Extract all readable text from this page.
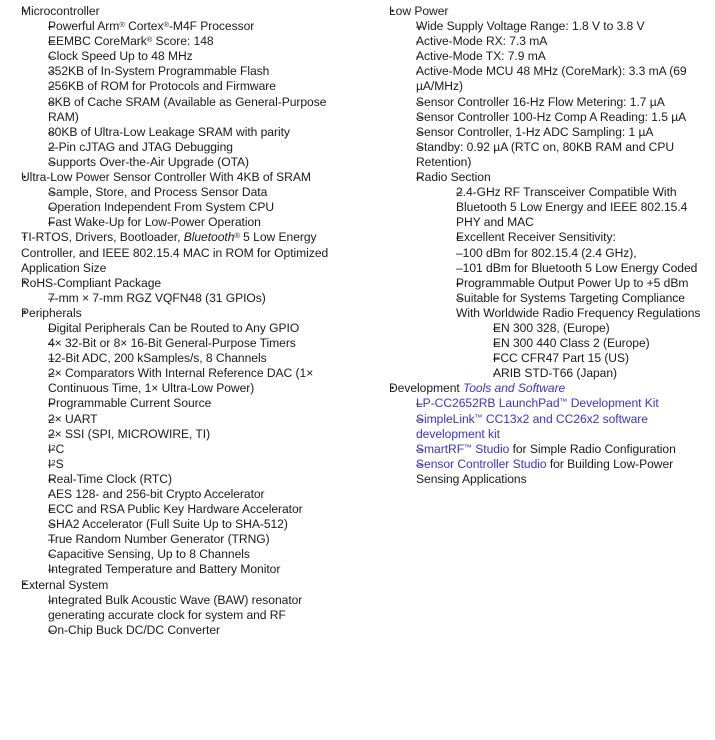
• Microcontroller
– Powerful Arm® Cortex®-M4F Processor
– EEMBC CoreMark® Score: 148
– Clock Speed Up to 48 MHz
– 352KB of In-System Programmable Flash
– 256KB of ROM for Protocols and Firmware
– 8KB of Cache SRAM (Available as General-Purpose RAM)
– 80KB of Ultra-Low Leakage SRAM with parity
– 2-Pin cJTAG and JTAG Debugging
– Supports Over-the-Air Upgrade (OTA)
• Ultra-Low Power Sensor Controller With 4KB of SRAM
– Sample, Store, and Process Sensor Data
– Operation Independent From System CPU
– Fast Wake-Up for Low-Power Operation
• TI-RTOS, Drivers, Bootloader, Bluetooth® 5 Low Energy Controller, and IEEE 802.15.4 MAC in ROM for Optimized Application Size
• RoHS-Compliant Package
– 7-mm × 7-mm RGZ VQFN48 (31 GPIOs)
• Peripherals
– Digital Peripherals Can be Routed to Any GPIO
– 4× 32-Bit or 8× 16-Bit General-Purpose Timers
– 12-Bit ADC, 200 kSamples/s, 8 Channels
– 2× Comparators With Internal Reference DAC (1× Continuous Time, 1× Ultra-Low Power)
– Programmable Current Source
– 2× UART
– 2× SSI (SPI, MICROWIRE, TI)
– $I^2C$
– $I^2S$
– Real-Time Clock (RTC)
– AES 128- and 256-bit Crypto Accelerator
– ECC and RSA Public Key Hardware Accelerator
– SHA2 Accelerator (Full Suite Up to SHA-512)
– True Random Number Generator (TRNG)
– Capacitive Sensing, Up to 8 Channels
– Integrated Temperature and Battery Monitor
• External System
– Integrated Bulk Acoustic Wave (BAW) resonator generating accurate clock for system and RF
– On-Chip Buck DC/DC Converter
• Low Power
– Wide Supply Voltage Range: 1.8 V to 3.8 V
– Active-Mode RX: 7.3 mA
– Active-Mode TX: 7.9 mA
– Active-Mode MCU 48 MHz (CoreMark): 3.3 mA (69 µA/MHz)
– Sensor Controller 16-Hz Flow Metering: 1.7 µA
– Sensor Controller 100-Hz Comp A Reading: 1.5 µA
– Sensor Controller, 1-Hz ADC Sampling: 1 µA
– Standby: 0.92 µA (RTC on, 80KB RAM and CPU Retention)
– Radio Section
– 2.4-GHz RF Transceiver Compatible With Bluetooth 5 Low Energy and IEEE 802.15.4 PHY and MAC
– Excellent Receiver Sensitivity:
–100 dBm for 802.15.4 (2.4 GHz),
–101 dBm for Bluetooth 5 Low Energy Coded
– Programmable Output Power Up to +5 dBm
– Suitable for Systems Targeting Compliance With Worldwide Radio Frequency Regulations
– EN 300 328, (Europe)
– EN 300 440 Class 2 (Europe)
– FCC CFR47 Part 15 (US)
– ARIB STD-T66 (Japan)
• Development Tools and Software
– LP-CC2652RB LaunchPad™ Development Kit
– SimpleLink™ CC13x2 and CC26x2 software development kit
– SmartRF™ Studio for Simple Radio Configuration
– Sensor Controller Studio for Building Low-Power Sensing Applications
